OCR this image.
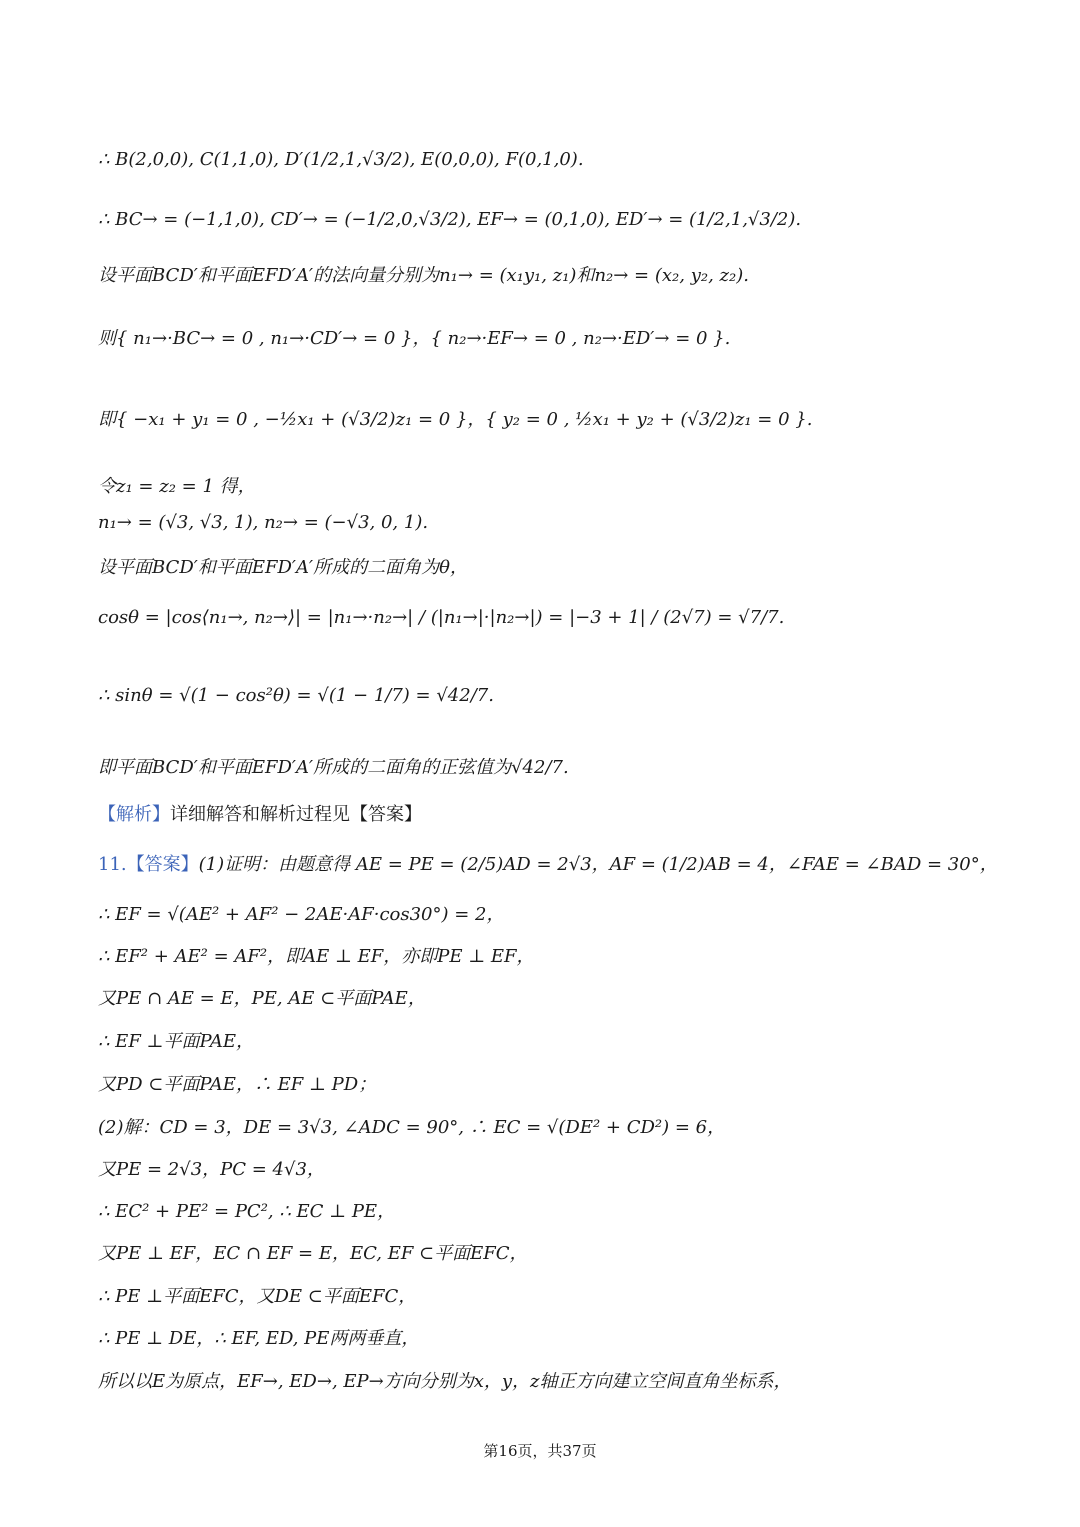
∴ B(2,0,0), C(1,1,0), D′(1/2,1,√3/2), E(0,0,0), F(0,1,0).
∴ BC→ = (−1,1,0), CD′→ = (−1/2,0,√3/2), EF→ = (0,1,0), ED′→ = (1/2,1,√3/2).
设平面BCD′和平面EFD′A′的法向量分别为n₁→ = (x₁y₁, z₁)和n₂→ = (x₂, y₂, z₂).
则{ n₁→·BC→ = 0 , n₁→·CD′→ = 0 }，{ n₂→·EF→ = 0 , n₂→·ED′→ = 0 }.
即{ −x₁ + y₁ = 0 , −½x₁ + (√3/2)z₁ = 0 }，{ y₂ = 0 , ½x₁ + y₂ + (√3/2)z₁ = 0 }.
令z₁ = z₂ = 1 得，
n₁→ = (√3, √3, 1), n₂→ = (−√3, 0, 1).
设平面BCD′和平面EFD′A′所成的二面角为θ，
cosθ = |cos⟨n₁→, n₂→⟩| = |n₁→·n₂→| / (|n₁→|·|n₂→|) = |−3 + 1| / (2√7) = √7/7.
∴ sinθ = √(1 − cos²θ) = √(1 − 1/7) = √42/7.
即平面BCD′和平面EFD′A′所成的二面角的正弦值为√42/7.
【解析】详细解答和解析过程见【答案】
11.【答案】(1)证明：由题意得 AE = PE = (2/5)AD = 2√3，AF = (1/2)AB = 4，∠FAE = ∠BAD = 30°，
∴ EF = √(AE² + AF² − 2AE·AF·cos30°) = 2，
∴ EF² + AE² = AF²，即AE ⊥ EF，亦即PE ⊥ EF，
又PE ∩ AE = E，PE, AE ⊂平面PAE，
∴ EF ⊥平面PAE，
又PD ⊂平面PAE，∴ EF ⊥ PD；
(2)解：CD = 3，DE = 3√3, ∠ADC = 90°, ∴ EC = √(DE² + CD²) = 6，
又PE = 2√3，PC = 4√3，
∴ EC² + PE² = PC², ∴ EC ⊥ PE，
又PE ⊥ EF，EC ∩ EF = E，EC, EF ⊂平面EFC，
∴ PE ⊥平面EFC，又DE ⊂平面EFC，
∴ PE ⊥ DE，∴ EF, ED, PE两两垂直，
所以以E为原点，EF→, ED→, EP→方向分别为x，y，z轴正方向建立空间直角坐标系，
第16页，共37页
